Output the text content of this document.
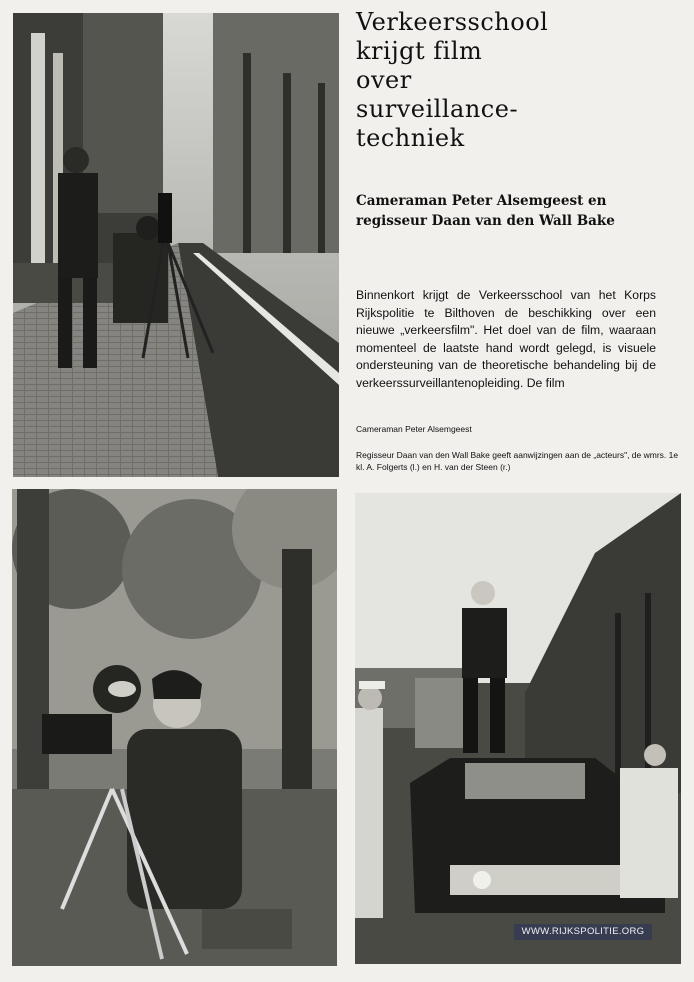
Verkeersschool
krijgt film
over
surveillance-
techniek
Cameraman Peter Alsemgeest en
regisseur Daan van den Wall Bake

Binnenkort krijgt de Verkeersschool van het Korps Rijkspolitie te Bilthoven de beschikking over een nieuwe „verkeersfilm". Het doel van de film, waaraan momenteel de laatste hand wordt gelegd, is visuele ondersteuning van de theoretische behandeling bij de verkeerssurveillantenopleiding. De film

Cameraman Peter Alsemgeest

Regisseur Daan van den Wall Bake geeft aanwijzingen aan de „acteurs", de wmrs. 1e kl. A. Folgerts (l.) en H. van der Steen (r.)

WWW.RIJKSPOLITIE.ORG
